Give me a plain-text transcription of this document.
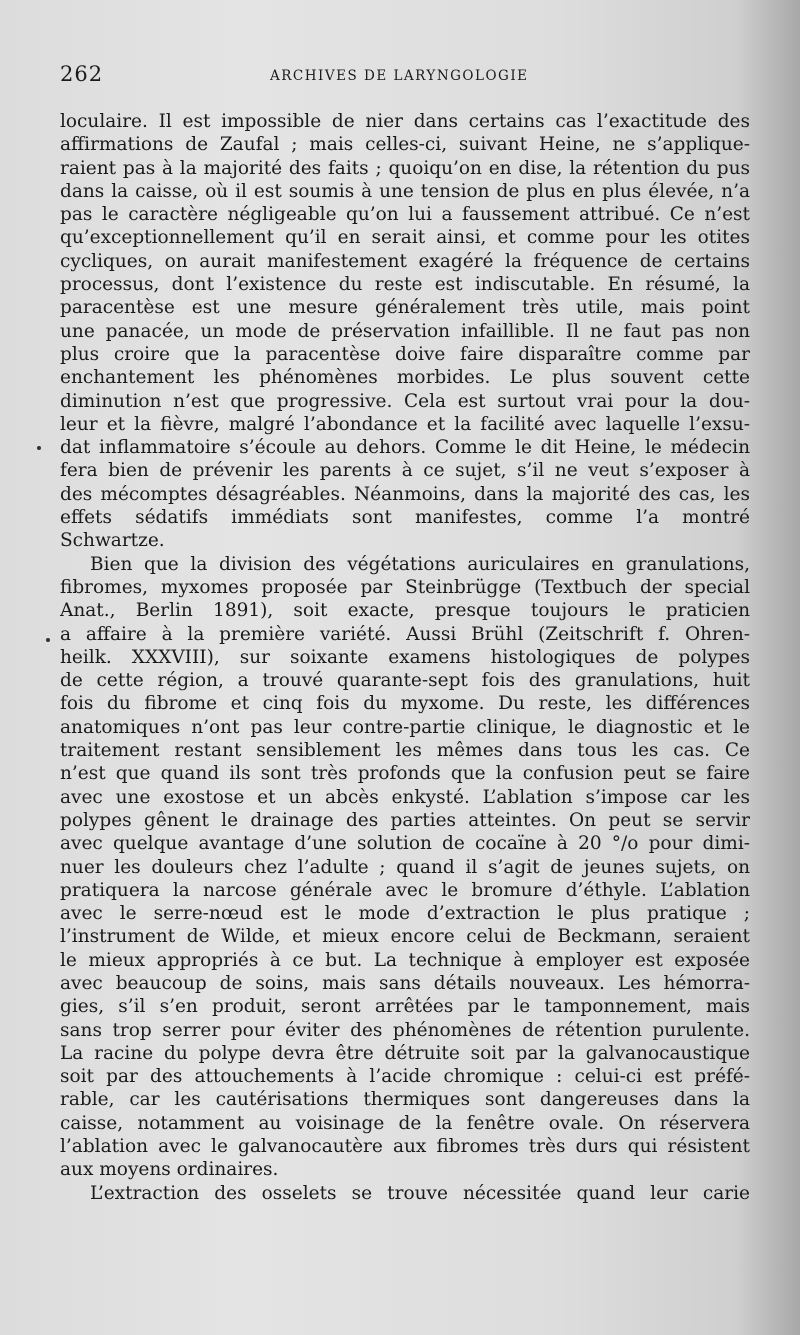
262	ARCHIVES DE LARYNGOLOGIE
loculaire. Il est impossible de nier dans certains cas l’exactitude des
affirmations de Zaufal ; mais celles-ci, suivant Heine, ne s’applique-
raient pas à la majorité des faits ; quoiqu’on en dise, la rétention du pus
dans la caisse, où il est soumis à une tension de plus en plus élevée, n’a
pas le caractère négligeable qu’on lui a faussement attribué. Ce n’est
qu’exceptionnellement qu’il en serait ainsi, et comme pour les otites
cycliques, on aurait manifestement exagéré la fréquence de certains
processus, dont l’existence du reste est indiscutable. En résumé, la
paracentèse est une mesure généralement très utile, mais point
une panacée, un mode de préservation infaillible. Il ne faut pas non
plus croire que la paracentèse doive faire disparaître comme par
enchantement les phénomènes morbides. Le plus souvent cette
diminution n’est que progressive. Cela est surtout vrai pour la dou-
leur et la fièvre, malgré l’abondance et la facilité avec laquelle l’exsu-
dat inflammatoire s’écoule au dehors. Comme le dit Heine, le médecin
fera bien de prévenir les parents à ce sujet, s’il ne veut s’exposer à
des mécomptes désagréables. Néanmoins, dans la majorité des cas, les
effets sédatifs immédiats sont manifestes, comme l’a montré
Schwartze.
Bien que la division des végétations auriculaires en granulations,
fibromes, myxomes proposée par Steinbrügge (Textbuch der special
Anat., Berlin 1891), soit exacte, presque toujours le praticien
a affaire à la première variété. Aussi Brühl (Zeitschrift f. Ohren-
heilk. XXXVIII), sur soixante examens histologiques de polypes
de cette région, a trouvé quarante-sept fois des granulations, huit
fois du fibrome et cinq fois du myxome. Du reste, les différences
anatomiques n’ont pas leur contre-partie clinique, le diagnostic et le
traitement restant sensiblement les mêmes dans tous les cas. Ce
n’est que quand ils sont très profonds que la confusion peut se faire
avec une exostose et un abcès enkysté. L’ablation s’impose car les
polypes gênent le drainage des parties atteintes. On peut se servir
avec quelque avantage d’une solution de cocaïne à 20 °/o pour dimi-
nuer les douleurs chez l’adulte ; quand il s’agit de jeunes sujets, on
pratiquera la narcose générale avec le bromure d’éthyle. L’ablation
avec le serre-nœud est le mode d’extraction le plus pratique ;
l’instrument de Wilde, et mieux encore celui de Beckmann, seraient
le mieux appropriés à ce but. La technique à employer est exposée
avec beaucoup de soins, mais sans détails nouveaux. Les hémorra-
gies, s’il s’en produit, seront arrêtées par le tamponnement, mais
sans trop serrer pour éviter des phénomènes de rétention purulente.
La racine du polype devra être détruite soit par la galvanocaustique
soit par des attouchements à l’acide chromique : celui-ci est préfé-
rable, car les cautérisations thermiques sont dangereuses dans la
caisse, notamment au voisinage de la fenêtre ovale. On réservera
l’ablation avec le galvanocautère aux fibromes très durs qui résistent
aux moyens ordinaires.
L’extraction des osselets se trouve nécessitée quand leur carie
